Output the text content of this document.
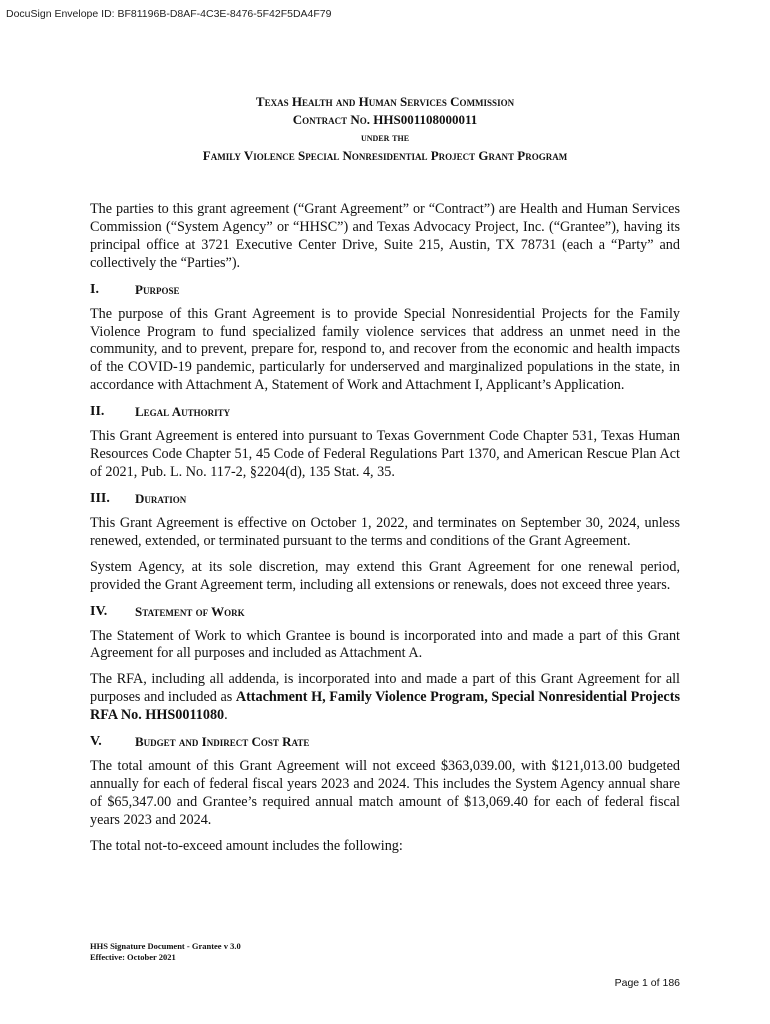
DocuSign Envelope ID: BF81196B-D8AF-4C3E-8476-5F42F5DA4F79
Texas Health and Human Services Commission
Contract No. HHS001108000011
under the
Family Violence Special Nonresidential Project Grant Program

The parties to this grant agreement (“Grant Agreement” or “Contract”) are Health and Human Services Commission (“System Agency” or “HHSC”) and Texas Advocacy Project, Inc. (“Grantee”), having its principal office at 3721 Executive Center Drive, Suite 215, Austin, TX 78731 (each a “Party” and collectively the “Parties”).

I.	Purpose

The purpose of this Grant Agreement is to provide Special Nonresidential Projects for the Family Violence Program to fund specialized family violence services that address an unmet need in the community, and to prevent, prepare for, respond to, and recover from the economic and health impacts of the COVID-19 pandemic, particularly for underserved and marginalized populations in the state, in accordance with Attachment A, Statement of Work and Attachment I, Applicant’s Application.

II.	Legal Authority

This Grant Agreement is entered into pursuant to Texas Government Code Chapter 531, Texas Human Resources Code Chapter 51, 45 Code of Federal Regulations Part 1370, and American Rescue Plan Act of 2021, Pub. L. No. 117-2, §2204(d), 135 Stat. 4, 35.

III.	Duration

This Grant Agreement is effective on October 1, 2022, and terminates on September 30, 2024, unless renewed, extended, or terminated pursuant to the terms and conditions of the Grant Agreement.

System Agency, at its sole discretion, may extend this Grant Agreement for one renewal period, provided the Grant Agreement term, including all extensions or renewals, does not exceed three years.

IV.	Statement of Work

The Statement of Work to which Grantee is bound is incorporated into and made a part of this Grant Agreement for all purposes and included as Attachment A.

The RFA, including all addenda, is incorporated into and made a part of this Grant Agreement for all purposes and included as Attachment H, Family Violence Program, Special Nonresidential Projects RFA No. HHS0011080.

V.	Budget and Indirect Cost Rate

The total amount of this Grant Agreement will not exceed $363,039.00, with $121,013.00 budgeted annually for each of federal fiscal years 2023 and 2024. This includes the System Agency annual share of $65,347.00 and Grantee’s required annual match amount of $13,069.40 for each of federal fiscal years 2023 and 2024.

The total not-to-exceed amount includes the following:

HHS Signature Document - Grantee v 3.0
Effective: October 2021
Page 1 of 186
